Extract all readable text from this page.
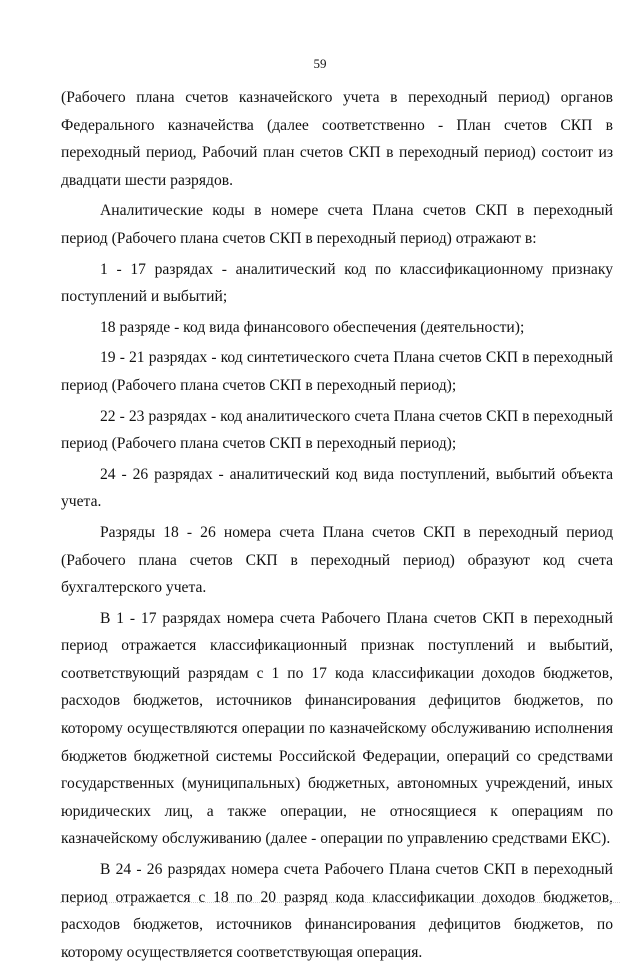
59

(Рабочего плана счетов казначейского учета в переходный период) органов Федерального казначейства (далее соответственно - План счетов СКП в переходный период, Рабочий план счетов СКП в переходный период) состоит из двадцати шести разрядов.

Аналитические коды в номере счета Плана счетов СКП в переходный период (Рабочего плана счетов СКП в переходный период) отражают в:

1 - 17 разрядах - аналитический код по классификационному признаку поступлений и выбытий;

18 разряде - код вида финансового обеспечения (деятельности);

19 - 21 разрядах - код синтетического счета Плана счетов СКП в переходный период (Рабочего плана счетов СКП в переходный период);

22 - 23 разрядах - код аналитического счета Плана счетов СКП в переходный период (Рабочего плана счетов СКП в переходный период);

24 - 26 разрядах - аналитический код вида поступлений, выбытий объекта учета.

Разряды 18 - 26 номера счета Плана счетов СКП в переходный период (Рабочего плана счетов СКП в переходный период) образуют код счета бухгалтерского учета.

В 1 - 17 разрядах номера счета Рабочего Плана счетов СКП в переходный период отражается классификационный признак поступлений и выбытий, соответствующий разрядам с 1 по 17 кода классификации доходов бюджетов, расходов бюджетов, источников финансирования дефицитов бюджетов, по которому осуществляются операции по казначейскому обслуживанию исполнения бюджетов бюджетной системы Российской Федерации, операций со средствами государственных (муниципальных) бюджетных, автономных учреждений, иных юридических лиц, а также операции, не относящиеся к операциям по казначейскому обслуживанию (далее - операции по управлению средствами ЕКС).

В 24 - 26 разрядах номера счета Рабочего Плана счетов СКП в переходный период отражается с 18 по 20 разряд кода классификации доходов бюджетов, расходов бюджетов, источников финансирования дефицитов бюджетов, по которому осуществляется соответствующая операция.
